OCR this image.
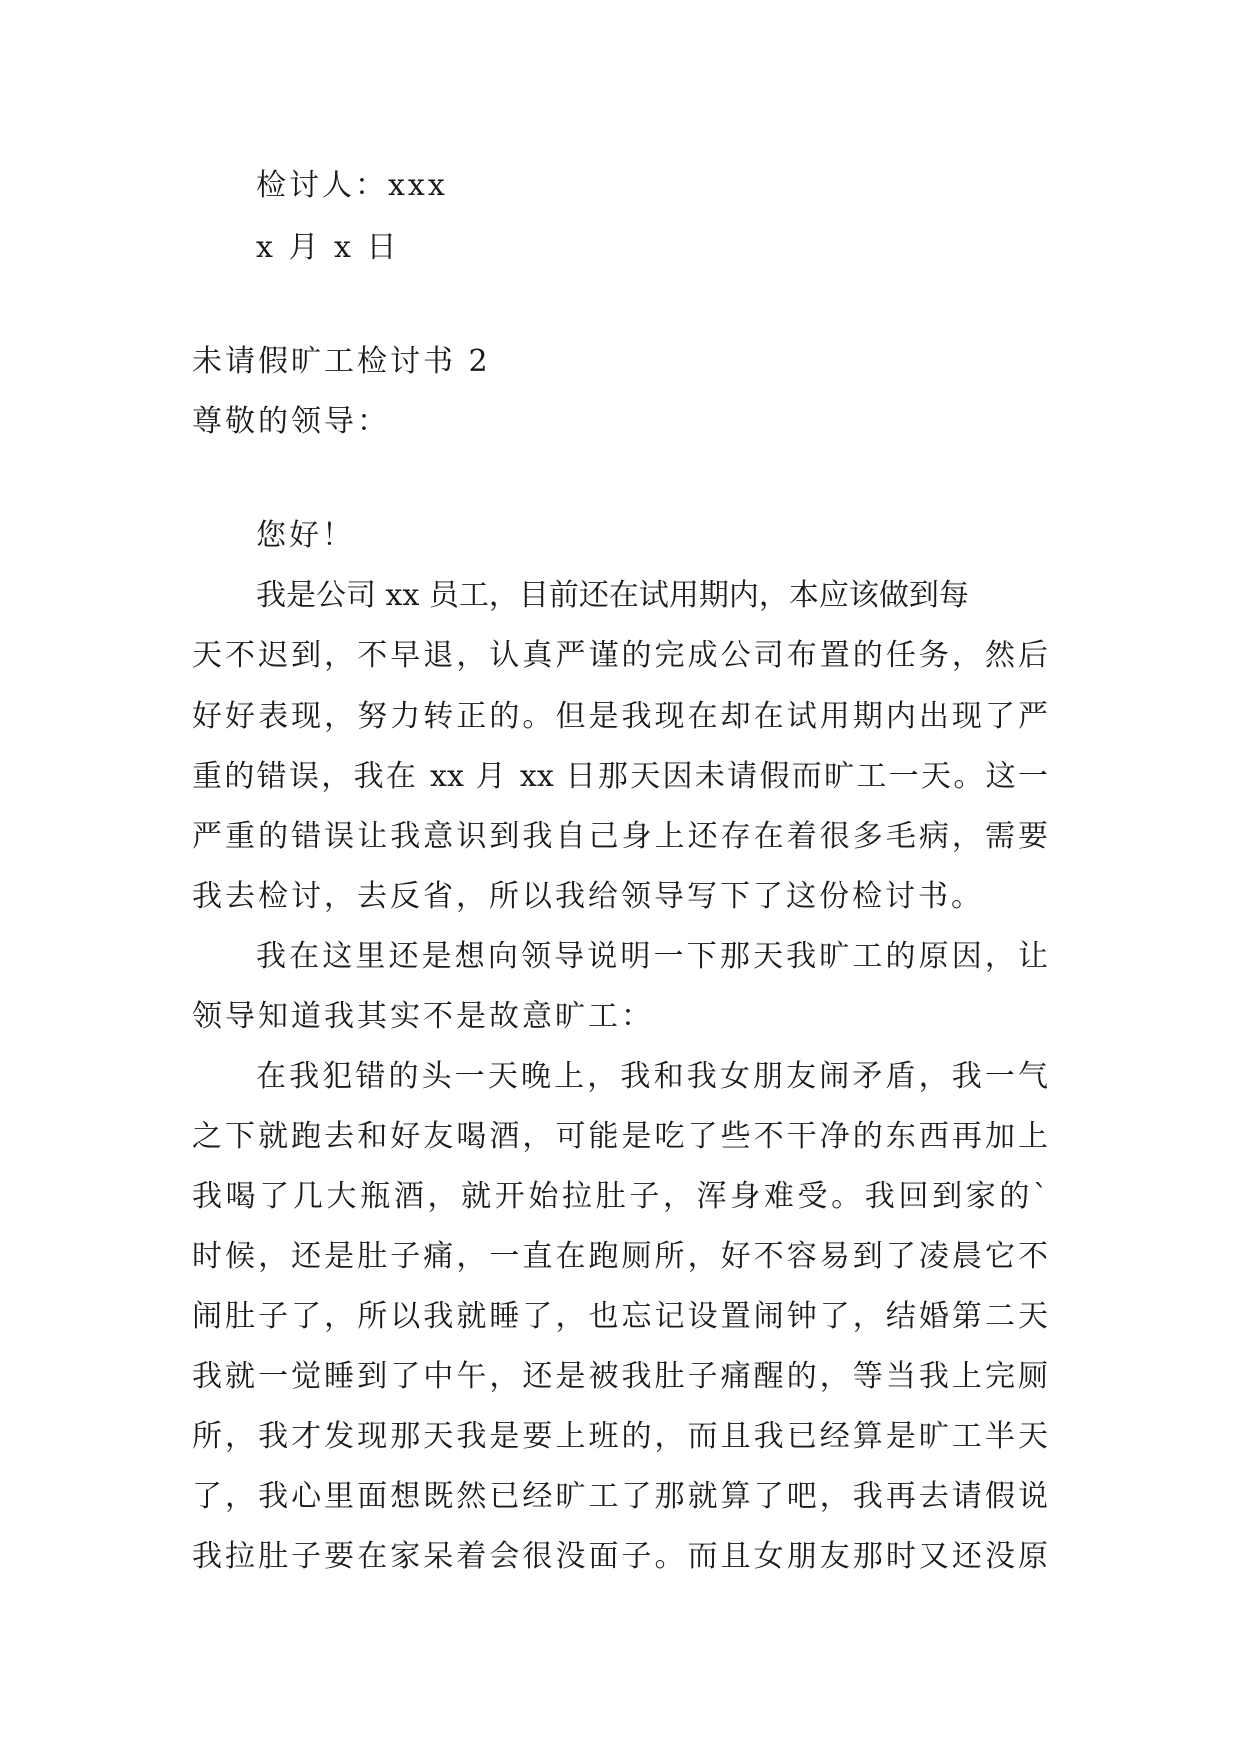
检讨人：xxx
x 月 x 日
未请假旷工检讨书 2
尊敬的领导：
您好！
我是公司 xx 员工，目前还在试用期内，本应该做到每
天不迟到，不早退，认真严谨的完成公司布置的任务，然后
好好表现，努力转正的。但是我现在却在试用期内出现了严
重的错误，我在 xx 月 xx 日那天因未请假而旷工一天。这一
严重的错误让我意识到我自己身上还存在着很多毛病，需要
我去检讨，去反省，所以我给领导写下了这份检讨书。
我在这里还是想向领导说明一下那天我旷工的原因，让
领导知道我其实不是故意旷工：
在我犯错的头一天晚上，我和我女朋友闹矛盾，我一气
之下就跑去和好友喝酒，可能是吃了些不干净的东西再加上
我喝了几大瓶酒，就开始拉肚子，浑身难受。我回到家的`
时候，还是肚子痛，一直在跑厕所，好不容易到了凌晨它不
闹肚子了，所以我就睡了，也忘记设置闹钟了，结婚第二天
我就一觉睡到了中午，还是被我肚子痛醒的，等当我上完厕
所，我才发现那天我是要上班的，而且我已经算是旷工半天
了，我心里面想既然已经旷工了那就算了吧，我再去请假说
我拉肚子要在家呆着会很没面子。而且女朋友那时又还没原
